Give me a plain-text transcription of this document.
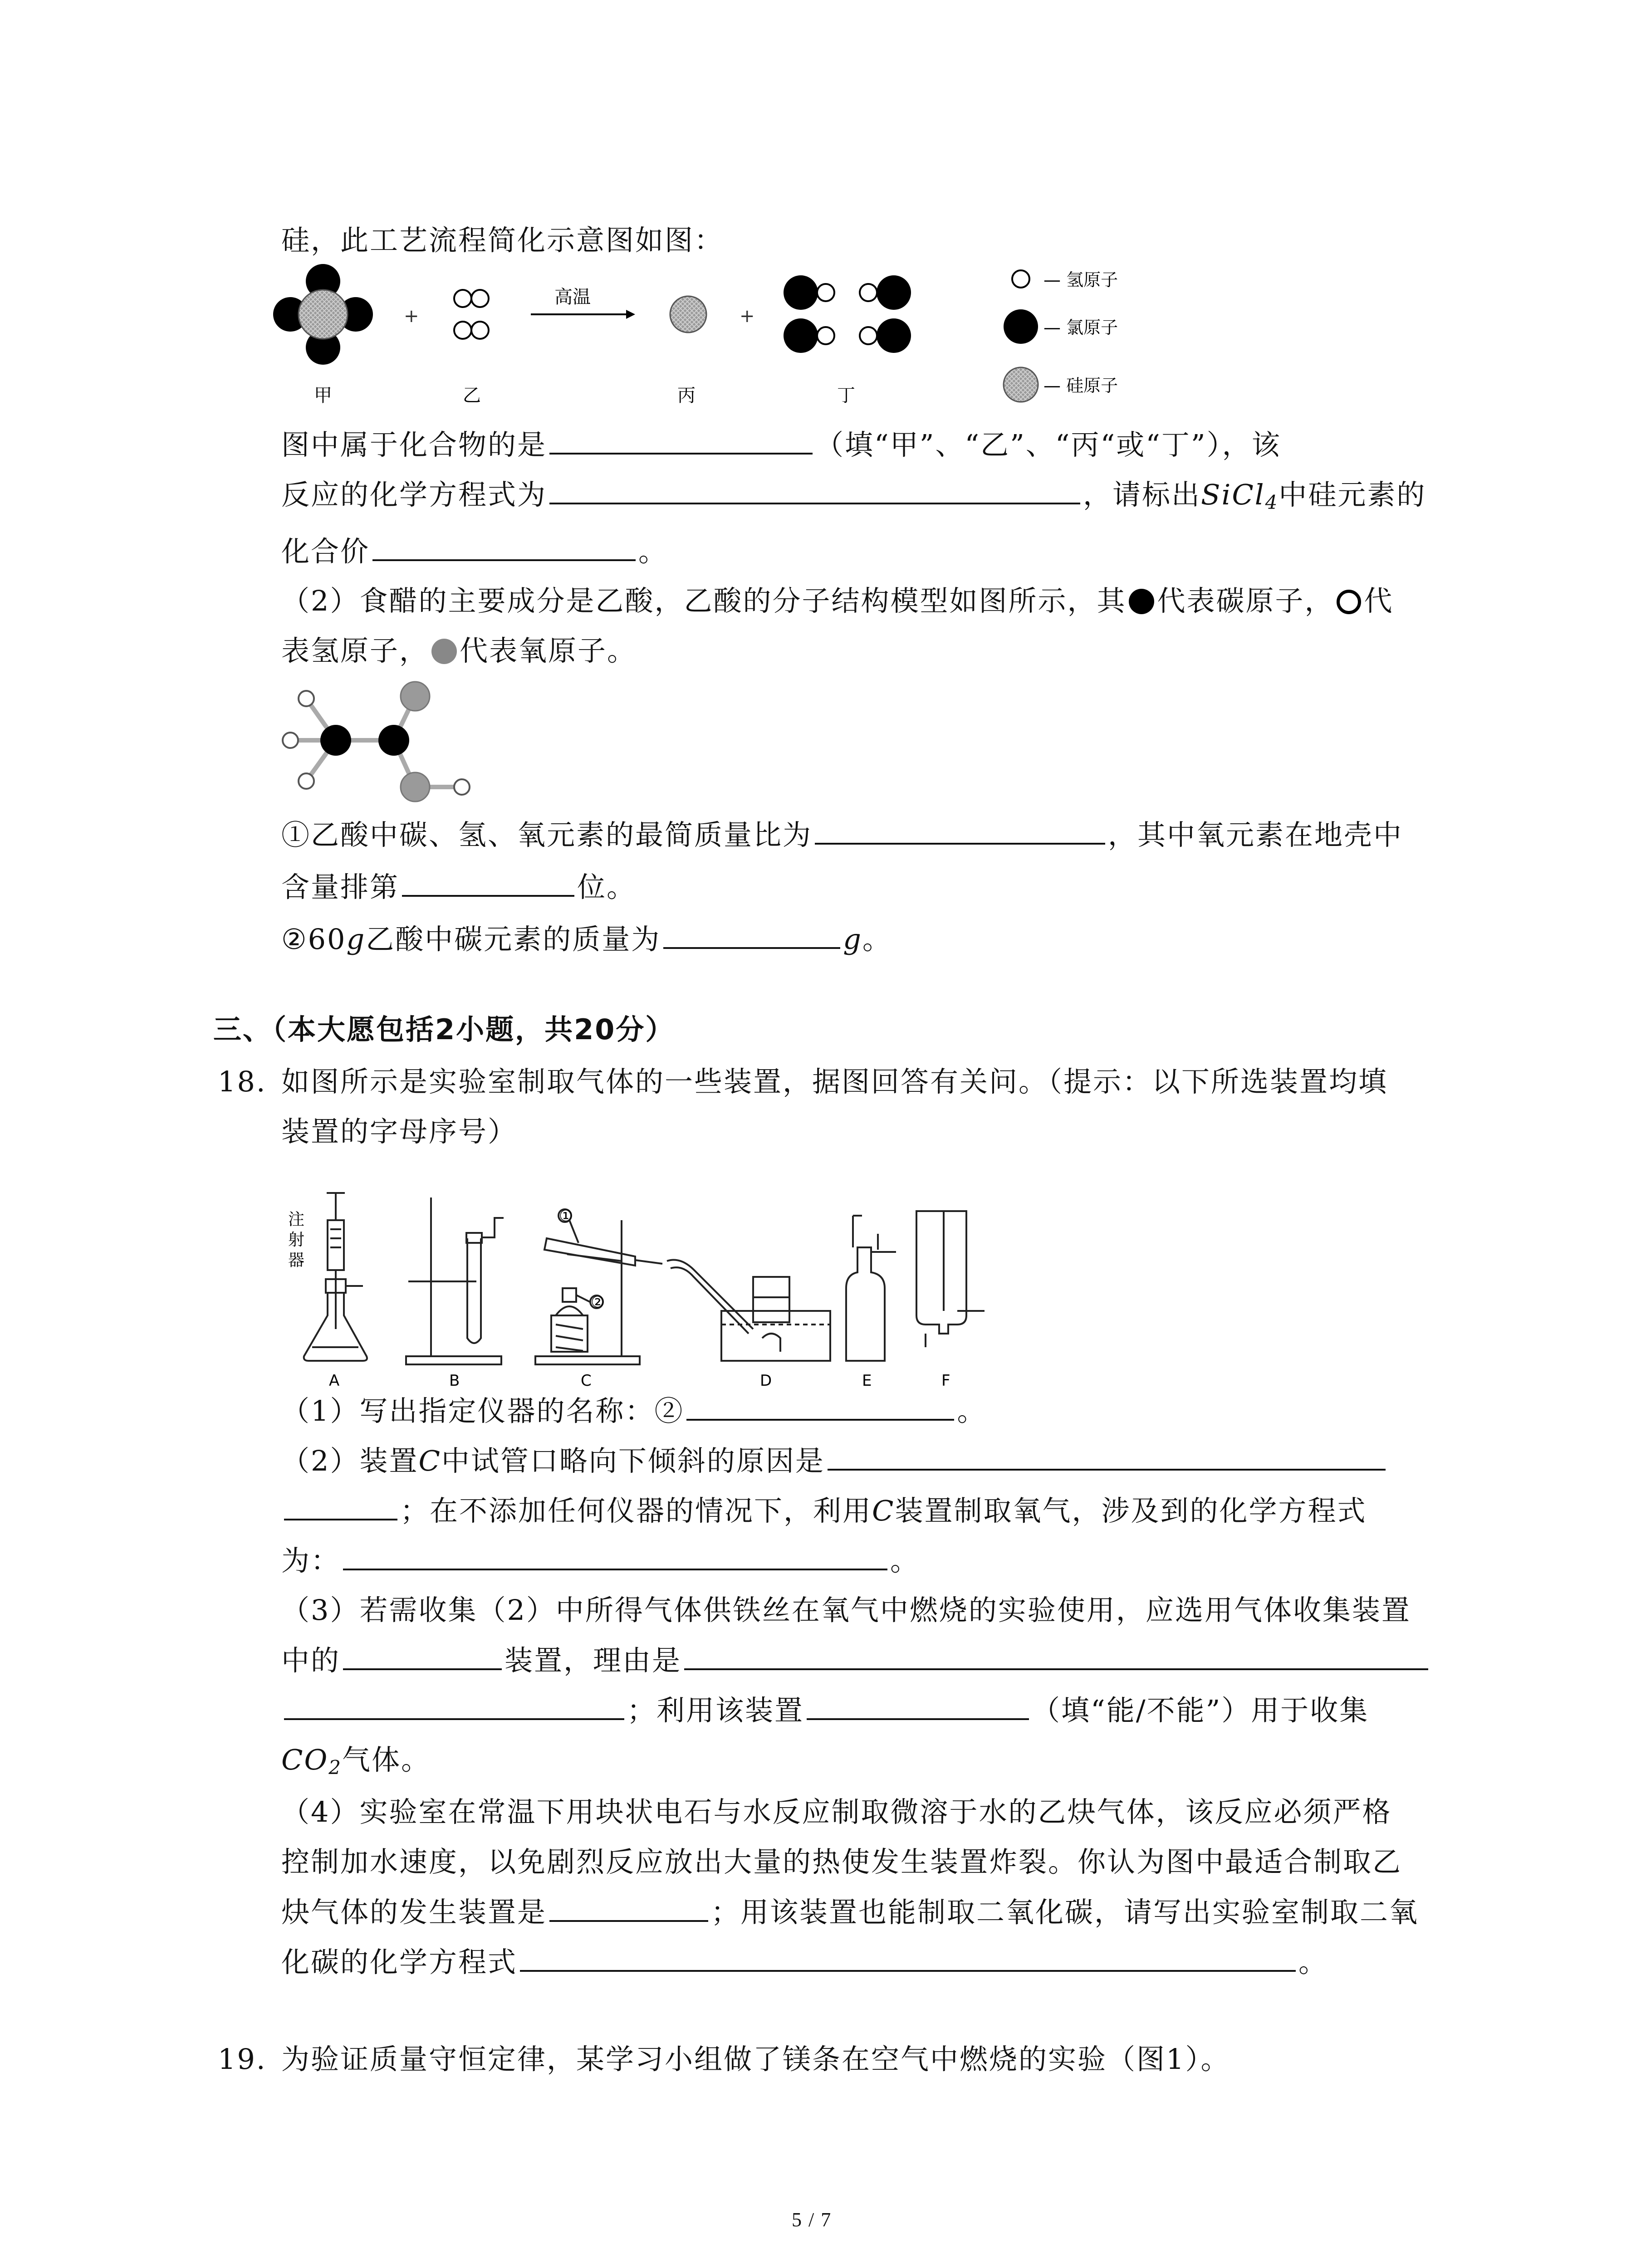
硅，此工艺流程简化示意图如图：
+
高温
+
甲	乙	丙	丁
— 氢原子
— 氯原子
— 硅原子
图中属于化合物的是	（填“甲”、“乙”、“丙“或“丁”），该
反应的化学方程式为	，请标出SiCl$_4$中硅元素的
化合价	。
（2）食醋的主要成分是乙酸，乙酸的分子结构模型如图所示，其 代表碳原子， 代
表氢原子， 代表氧原子。
①乙酸中碳、氢、氧元素的最简质量比为	，其中氧元素在地壳中
含量排第	位。
②60g乙酸中碳元素的质量为	g。
三、（本大愿包括2小题，共20分）
18. 如图所示是实验室制取气体的一些装置，据图回答有关问。（提示：以下所选装置均填
装置的字母序号）
注
射
器
①
②
A	B	C	D	E	F
（1）写出指定仪器的名称：②	。
（2）装置C中试管口略向下倾斜的原因是
；在不添加任何仪器的情况下，利用C装置制取氧气，涉及到的化学方程式
为：	。
（3）若需收集（2）中所得气体供铁丝在氧气中燃烧的实验使用，应选用气体收集装置
中的	装置，理由是
；利用该装置	（填“能/不能”）用于收集
$CO_2$气体。
（4）实验室在常温下用块状电石与水反应制取微溶于水的乙炔气体，该反应必须严格
控制加水速度，以免剧烈反应放出大量的热使发生装置炸裂。你认为图中最适合制取乙
炔气体的发生装置是	；用该装置也能制取二氧化碳，请写出实验室制取二氧
化碳的化学方程式	。
19. 为验证质量守恒定律，某学习小组做了镁条在空气中燃烧的实验（图1）。
5 / 7
